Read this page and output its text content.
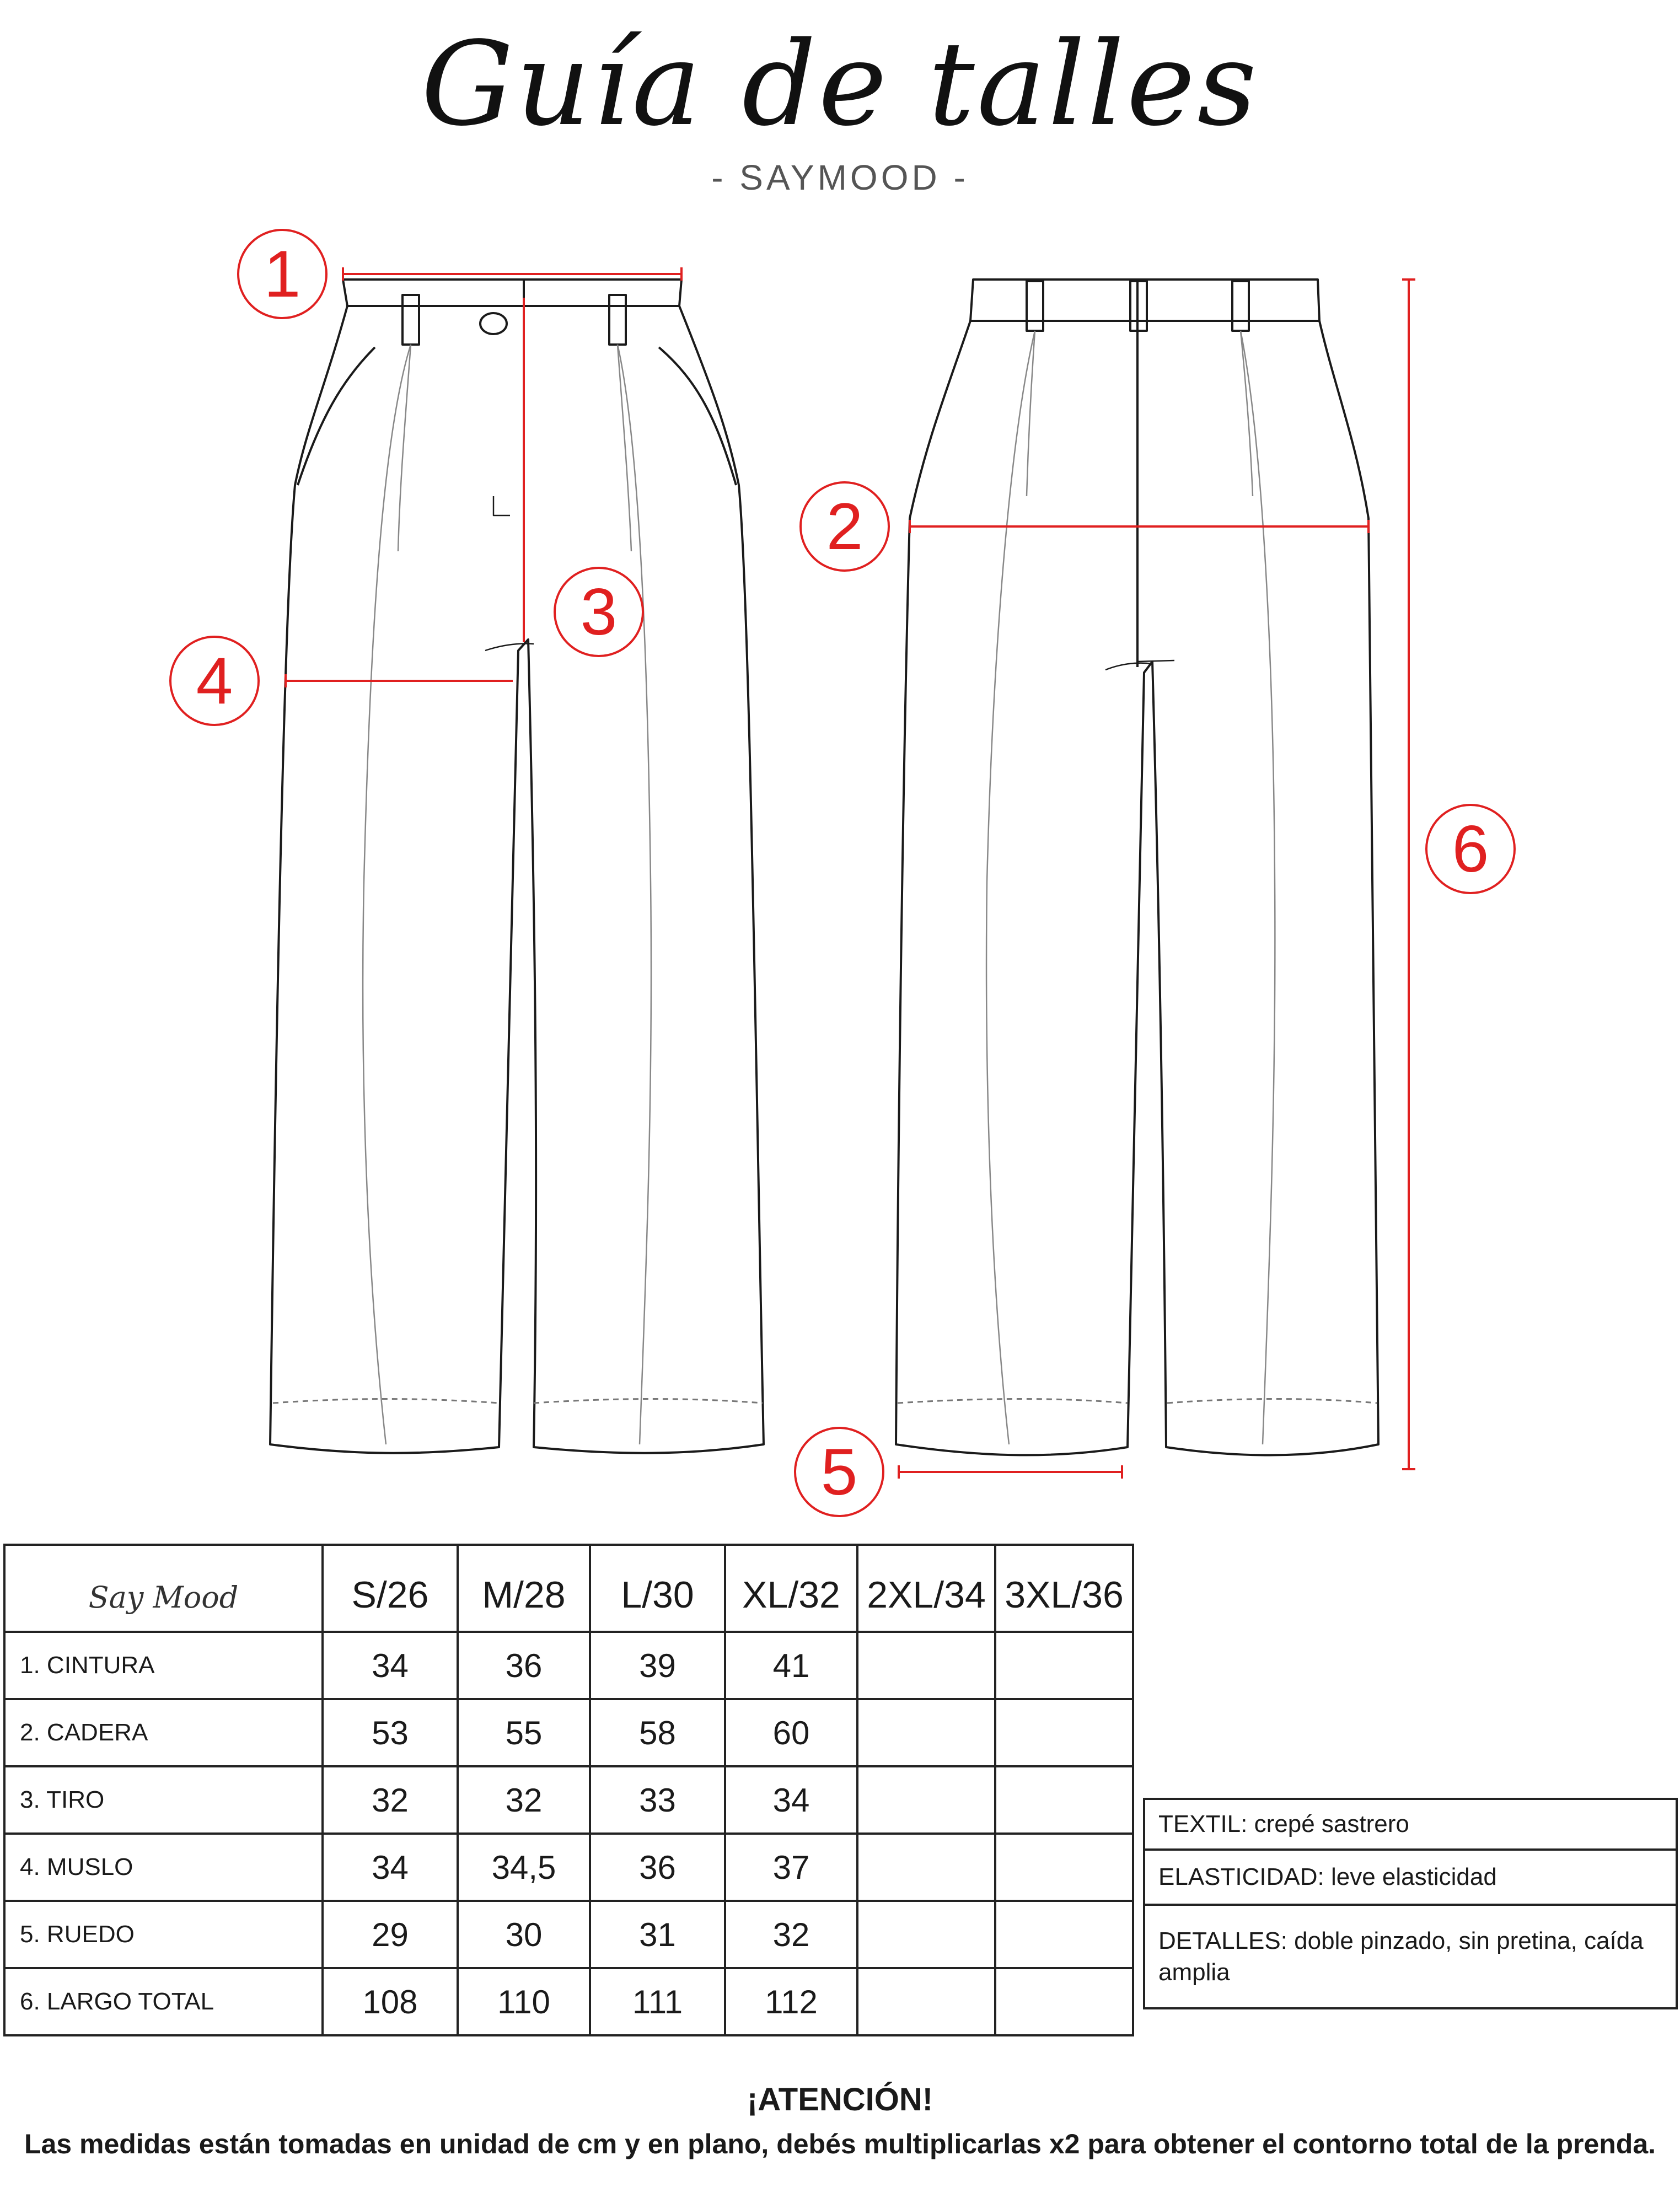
Guía de talles
- SAYMOOD -
1
2
3
4
5
6
Say Mood	S/26	M/28	L/30	XL/32	2XL/34	3XL/36
1. CINTURA	34	36	39	41		
2. CADERA	53	55	58	60		
3. TIRO	32	32	33	34		
4. MUSLO	34	34,5	36	37		
5. RUEDO	29	30	31	32		
6. LARGO TOTAL	108	110	111	112		
TEXTIL: crepé sastrero
ELASTICIDAD: leve elasticidad
DETALLES: doble pinzado, sin pretina, caída amplia
¡ATENCIÓN!
Las medidas están tomadas en unidad de cm y en plano, debés multiplicarlas x2 para obtener el contorno total de la prenda.
